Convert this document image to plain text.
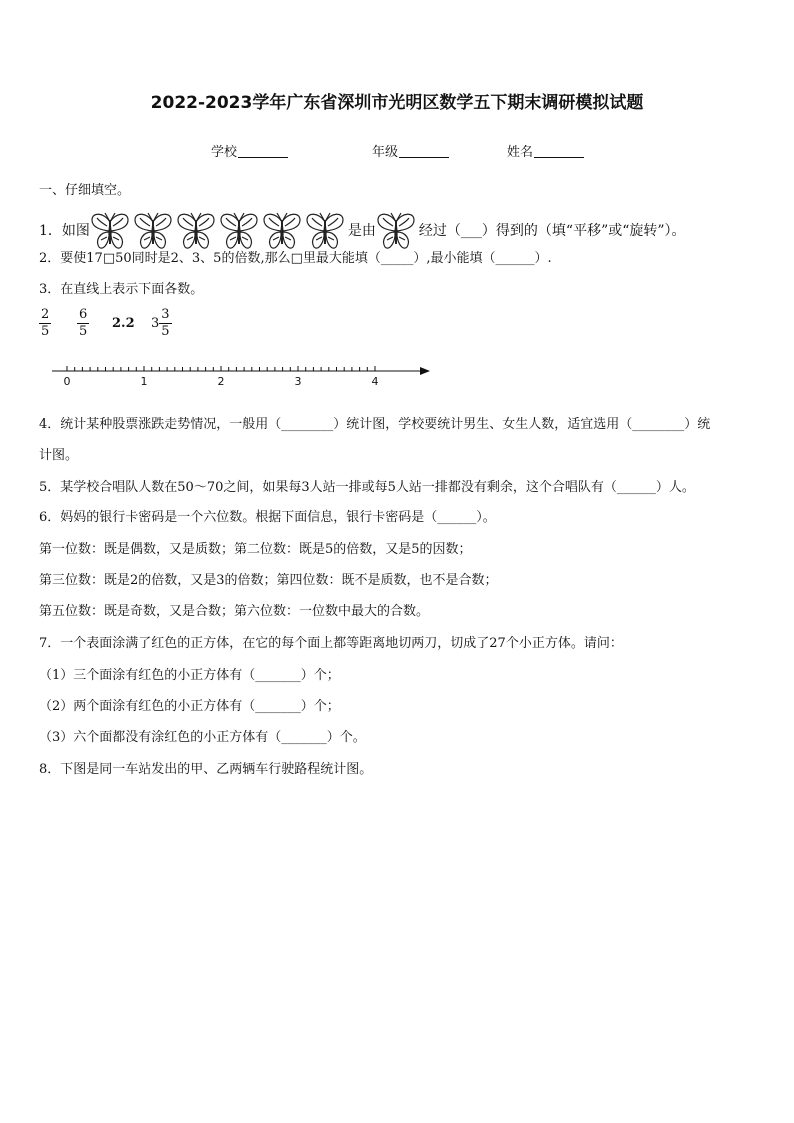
2022-2023学年广东省深圳市光明区数学五下期末调研模拟试题
学校	年级	姓名
一、仔细填空。
1．如图	是由	经过（___）得到的（填“平移”或“旋转”）。
2．要使17□50同时是2、3、5的倍数,那么□里最大能填（_____）,最小能填（______）.
3．在直线上表示下面各数。
$\frac{2}{5} \frac{6}{5} 2.2$ $3 \frac{3}{5}$
0	1	2	3	4
4．统计某种股票涨跌走势情况，一般用（________）统计图，学校要统计男生、女生人数，适宜选用（________）统
计图。
5．某学校合唱队人数在50～70之间，如果每3人站一排或每5人站一排都没有剩余，这个合唱队有（______）人。
6．妈妈的银行卡密码是一个六位数。根据下面信息，银行卡密码是（______）。
第一位数：既是偶数，又是质数；第二位数：既是5的倍数，又是5的因数；
第三位数：既是2的倍数，又是3的倍数；第四位数：既不是质数，也不是合数；
第五位数：既是奇数，又是合数；第六位数：一位数中最大的合数。
7．一个表面涂满了红色的正方体，在它的每个面上都等距离地切两刀，切成了27个小正方体。请问：
（1）三个面涂有红色的小正方体有（_______）个；
（2）两个面涂有红色的小正方体有（_______）个；
（3）六个面都没有涂红色的小正方体有（_______）个。
8．下图是同一车站发出的甲、乙两辆车行驶路程统计图。
